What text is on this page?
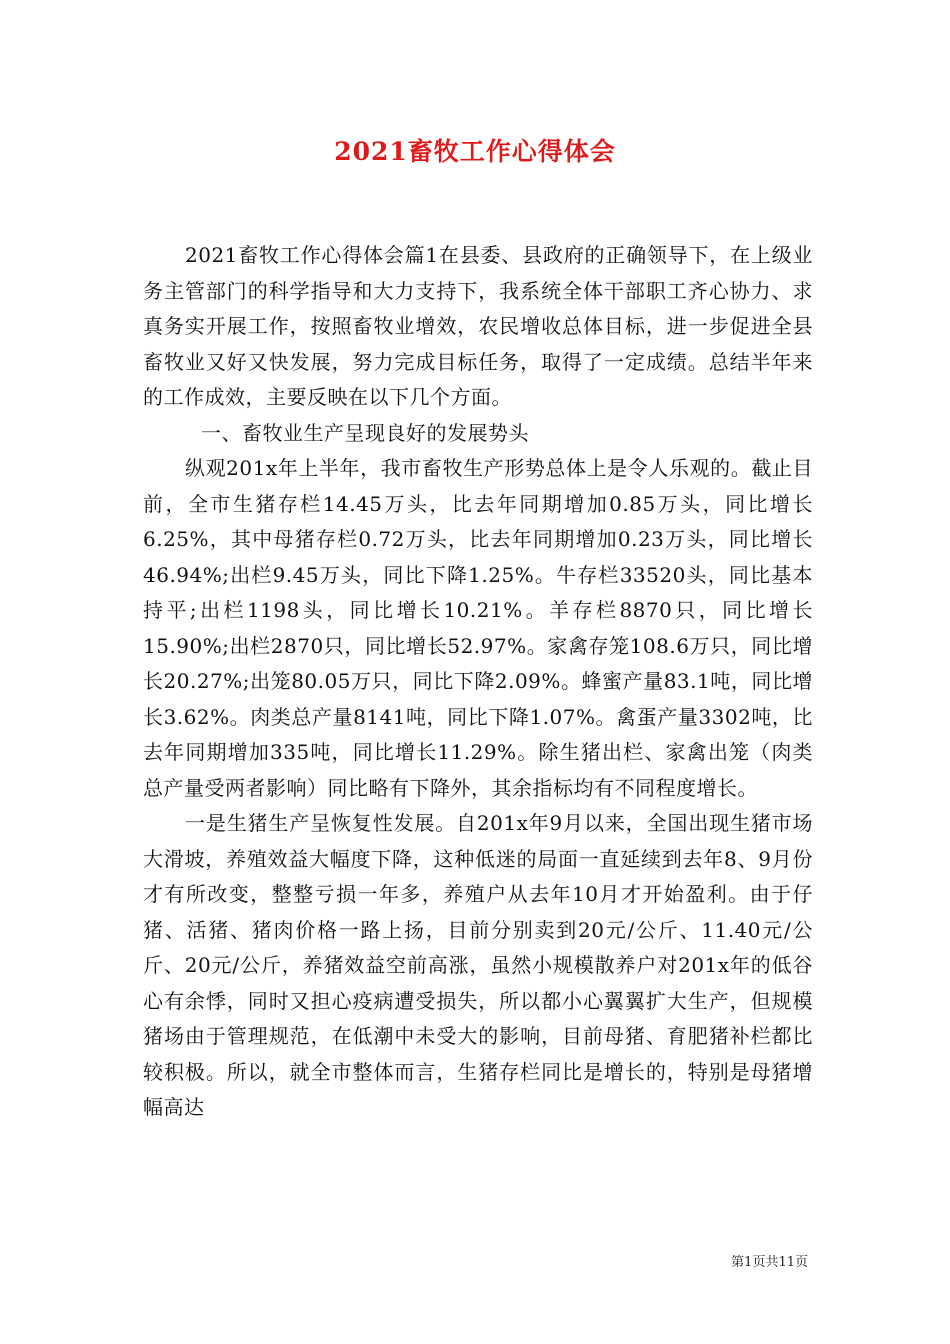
2021畜牧工作心得体会

2021畜牧工作心得体会篇1在县委、县政府的正确领导下，在上级业务主管部门的科学指导和大力支持下，我系统全体干部职工齐心协力、求真务实开展工作，按照畜牧业增效，农民增收总体目标，进一步促进全县畜牧业又好又快发展，努力完成目标任务，取得了一定成绩。总结半年来的工作成效，主要反映在以下几个方面。

一、畜牧业生产呈现良好的发展势头

纵观201x年上半年，我市畜牧生产形势总体上是令人乐观的。截止目前，全市生猪存栏14.45万头，比去年同期增加0.85万头，同比增长6.25%，其中母猪存栏0.72万头，比去年同期增加0.23万头，同比增长46.94%;出栏9.45万头，同比下降1.25%。牛存栏33520头，同比基本持平;出栏1198头，同比增长10.21%。羊存栏8870只，同比增长15.90%;出栏2870只，同比增长52.97%。家禽存笼108.6万只，同比增长20.27%;出笼80.05万只，同比下降2.09%。蜂蜜产量83.1吨，同比增长3.62%。肉类总产量8141吨，同比下降1.07%。禽蛋产量3302吨，比去年同期增加335吨，同比增长11.29%。除生猪出栏、家禽出笼（肉类总产量受两者影响）同比略有下降外，其余指标均有不同程度增长。

一是生猪生产呈恢复性发展。自201x年9月以来，全国出现生猪市场大滑坡，养殖效益大幅度下降，这种低迷的局面一直延续到去年8、9月份才有所改变，整整亏损一年多，养殖户从去年10月才开始盈利。由于仔猪、活猪、猪肉价格一路上扬，目前分别卖到20元/公斤、11.40元/公斤、20元/公斤，养猪效益空前高涨，虽然小规模散养户对201x年的低谷心有余悸，同时又担心疫病遭受损失，所以都小心翼翼扩大生产，但规模猪场由于管理规范，在低潮中未受大的影响，目前母猪、育肥猪补栏都比较积极。所以，就全市整体而言，生猪存栏同比是增长的，特别是母猪增幅高达

第1页共11页
